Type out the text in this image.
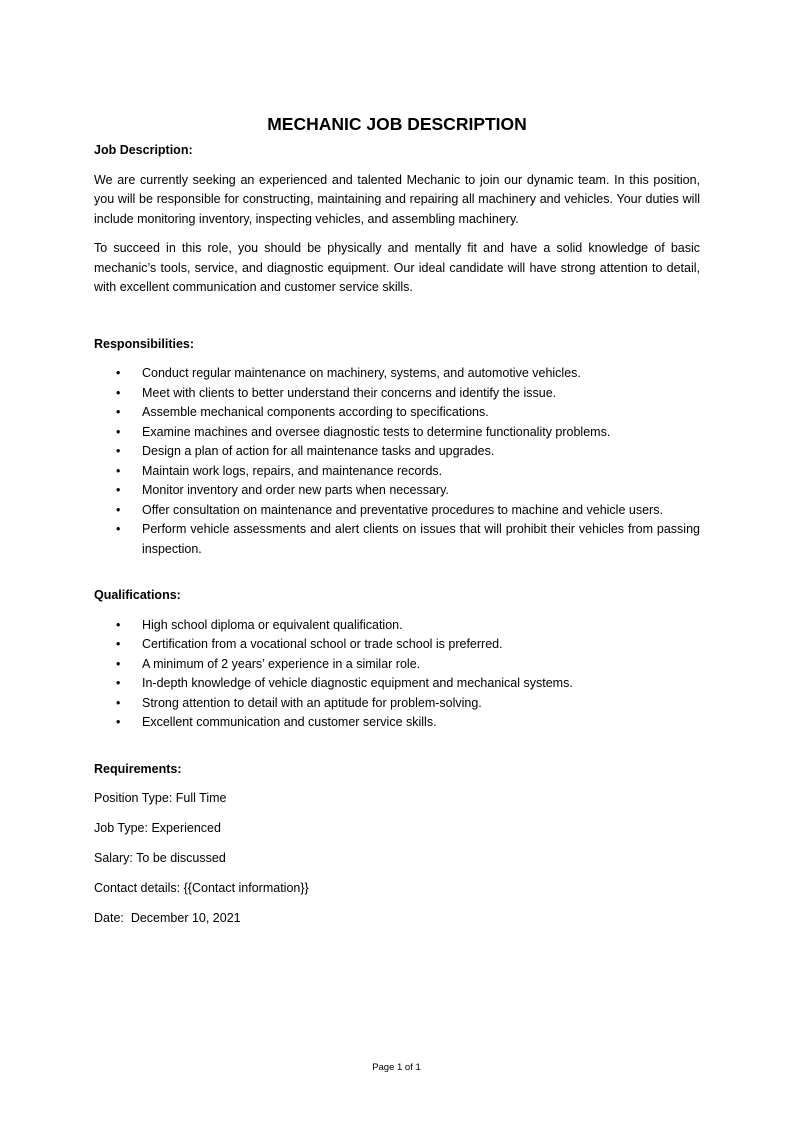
MECHANIC JOB DESCRIPTION
Job Description:

We are currently seeking an experienced and talented Mechanic to join our dynamic team. In this position, you will be responsible for constructing, maintaining and repairing all machinery and vehicles. Your duties will include monitoring inventory, inspecting vehicles, and assembling machinery.

To succeed in this role, you should be physically and mentally fit and have a solid knowledge of basic mechanic’s tools, service, and diagnostic equipment. Our ideal candidate will have strong attention to detail, with excellent communication and customer service skills.

Responsibilities:
• Conduct regular maintenance on machinery, systems, and automotive vehicles.
• Meet with clients to better understand their concerns and identify the issue.
• Assemble mechanical components according to specifications.
• Examine machines and oversee diagnostic tests to determine functionality problems.
• Design a plan of action for all maintenance tasks and upgrades.
• Maintain work logs, repairs, and maintenance records.
• Monitor inventory and order new parts when necessary.
• Offer consultation on maintenance and preventative procedures to machine and vehicle users.
• Perform vehicle assessments and alert clients on issues that will prohibit their vehicles from passing inspection.
Qualifications:
• High school diploma or equivalent qualification.
• Certification from a vocational school or trade school is preferred.
• A minimum of 2 years’ experience in a similar role.
• In-depth knowledge of vehicle diagnostic equipment and mechanical systems.
• Strong attention to detail with an aptitude for problem-solving.
• Excellent communication and customer service skills.
Requirements:
Position Type: Full Time
Job Type: Experienced
Salary: To be discussed
Contact details: {{Contact information}}
Date:  December 10, 2021
Page 1 of 1
